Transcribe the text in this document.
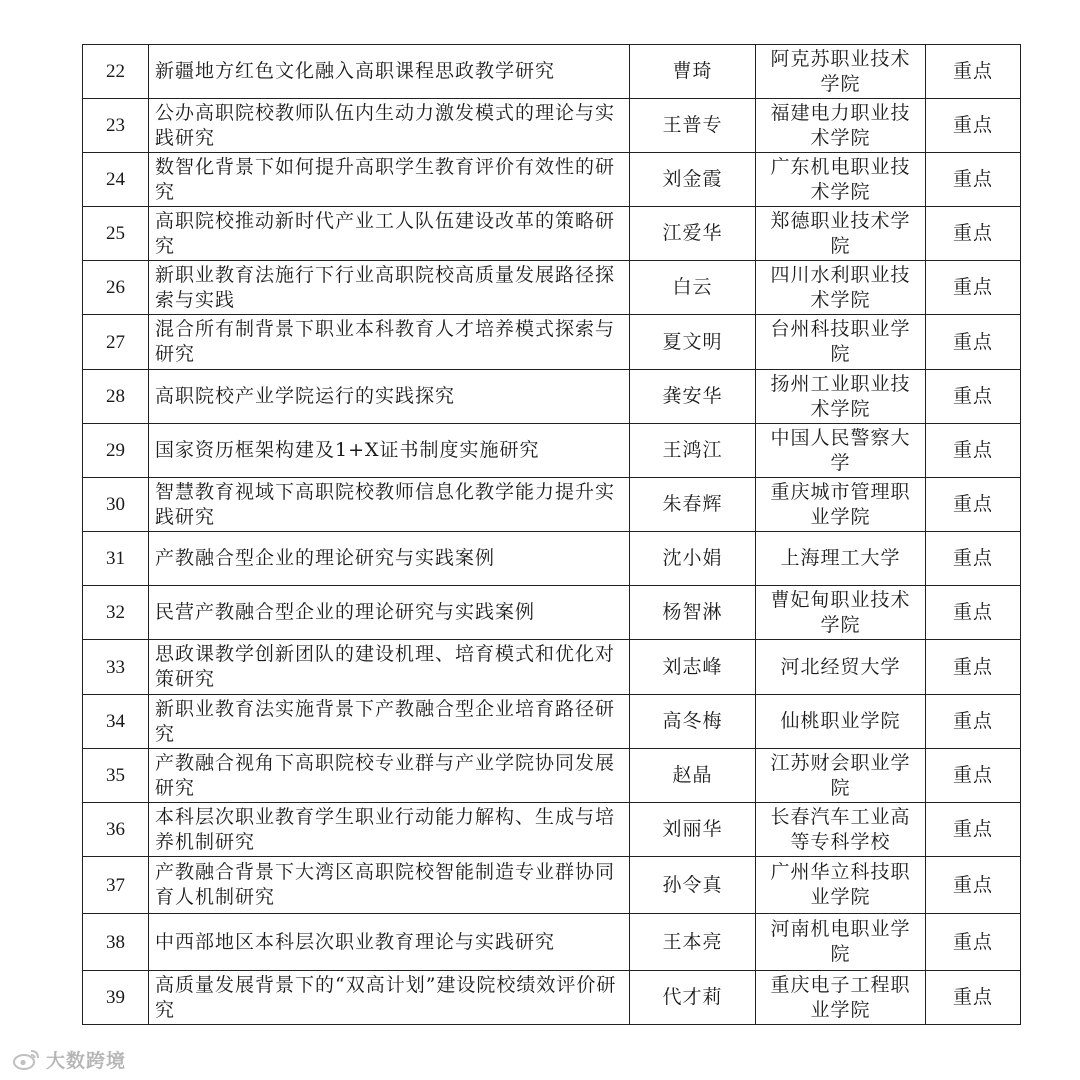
22	新疆地方红色文化融入高职课程思政教学研究	曹琦	阿克苏职业技术学院	重点
23	公办高职院校教师队伍内生动力激发模式的理论与实践研究	王普专	福建电力职业技术学院	重点
24	数智化背景下如何提升高职学生教育评价有效性的研究	刘金霞	广东机电职业技术学院	重点
25	高职院校推动新时代产业工人队伍建设改革的策略研究	江爱华	郑德职业技术学院	重点
26	新职业教育法施行下行业高职院校高质量发展路径探索与实践	白云	四川水利职业技术学院	重点
27	混合所有制背景下职业本科教育人才培养模式探索与研究	夏文明	台州科技职业学院	重点
28	高职院校产业学院运行的实践探究	龚安华	扬州工业职业技术学院	重点
29	国家资历框架构建及1+X证书制度实施研究	王鸿江	中国人民警察大学	重点
30	智慧教育视域下高职院校教师信息化教学能力提升实践研究	朱春辉	重庆城市管理职业学院	重点
31	产教融合型企业的理论研究与实践案例	沈小娟	上海理工大学	重点
32	民营产教融合型企业的理论研究与实践案例	杨智淋	曹妃甸职业技术学院	重点
33	思政课教学创新团队的建设机理、培育模式和优化对策研究	刘志峰	河北经贸大学	重点
34	新职业教育法实施背景下产教融合型企业培育路径研究	高冬梅	仙桃职业学院	重点
35	产教融合视角下高职院校专业群与产业学院协同发展研究	赵晶	江苏财会职业学院	重点
36	本科层次职业教育学生职业行动能力解构、生成与培养机制研究	刘丽华	长春汽车工业高等专科学校	重点
37	产教融合背景下大湾区高职院校智能制造专业群协同育人机制研究	孙令真	广州华立科技职业学院	重点
38	中西部地区本科层次职业教育理论与实践研究	王本亮	河南机电职业学院	重点
39	高质量发展背景下的“双高计划”建设院校绩效评价研究	代才莉	重庆电子工程职业学院	重点
大数跨境
